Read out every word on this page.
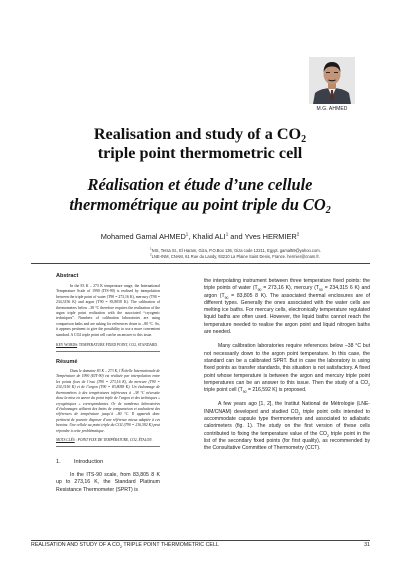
M.G. AHMED
Realisation and study of a $CO_2$
triple point thermometric cell
Réalisation et étude d’une cellule
thermométrique au point triple du $CO_2$
Mohamed Gamal AHMED$^1$, Khalid ALI$^1$ and Yves HERMIER$^2$
$^1$NIS, Tersa St., El Haram, Giza, P.O.Box 136, Giza code 12211, Egypt. gamal59@yahoo.com.
$^2$LNE-INM, CNAM, 61 Rue du Landy, 93210 La Plaine Saint Denis, France. hermier@cnam.fr.
Abstract
In the 83 K – 273 K temperature range, the International Temperature Scale of 1990 (ITS-90) is realised by interpolation between the triple point of water (T90 = 273,16 K), mercury (T90 = 234,3156 K) and argon (T90 = 83,8058 K). The calibration of thermometers below –38 °C therefore requires the realisation of the argon triple point realisation with the associated “cryogenic techniques”. Numbers of calibration laboratories are using comparison baths and are asking for references down to –80 °C. So, it appears pertinent to give the possibility to use a more convenient standard. A CO2 triple point cell can be an answer to this issue.
KEY WORDS: TEMPERATURE FIXED POINT, CO2, STANDARD.
Résumé
Dans le domaine 83 K – 273 K, l’Échelle Internationale de Température de 1990 (EIT-90) est réalisée par interpolation entre les points fixes de l’eau (T90 = 273,16 K), du mercure (T90 = 234,3156 K) et de l’argon (T90 = 83,8058 K). Un étalonnage de thermomètres à des températures inférieures à –38 °C nécessite donc la mise en œuvre du point triple de l’argon et des techniques « cryogéniques » correspondantes. Or de nombreux laboratoires d’étalonnages utilisent des bains de comparaison et souhaitent des références de température jusqu’à –80 °C. Il apparaît donc pertinent de pouvoir disposer d’une référence mieux adaptée à ces besoins. Une cellule au point triple du CO2 (T90 = 216,592 K) peut répondre à cette problématique.
MOTS CLÉS : POINT FIXE DE TEMPÉRATURE, CO2, ÉTALON.
1. Introduction
In the ITS-90 scale, from 83,805 8 K up to 273,16 K, the Standard Platinum Resistance Thermometer (SPRT) is
the interpolating instrument between three temperature fixed points: the triple points of water ($T_{90} = 273,16$ K), mercury ($T_{90} = 234,315$ 6 K) and argon ($T_{90} = 83,805$ 8 K). The associated thermal enclosures are of different types. Generally the ones associated with the water cells are melting ice baths. For mercury cells, electronically temperature regulated liquid baths are often used. However, the liquid baths cannot reach the temperature needed to realise the argon point and liquid nitrogen baths are needed.
Many calibration laboratories require references below –38 °C but not necessarily down to the argon point temperature. In this case, the standard can be a calibrated SPRT. But in case the laboratory is using fixed points as transfer standards, this situation is not satisfactory. A fixed point whose temperature is between the argon and mercury triple point temperatures can be an answer to this issue. Then the study of a $CO_2$ triple point cell ($T_{90} = 216,592$ K) is proposed.
A few years ago [1, 2], the Institut National de Métrologie (LNE-INM/CNAM) developed and studied $CO_2$ triple point cells intended to accommodate capsule type thermometers and associated to adiabatic calorimeters (fig. 1). The study on the first version of these cells contributed to fixing the temperature value of the $CO_2$ triple point in the list of the secondary fixed points (for first quality), as recommended by the Consultative Committee of Thermometry (CCT).
REALISATION AND STUDY OF A $CO_2$ TRIPLE POINT THERMOMETRIC CELL	31
